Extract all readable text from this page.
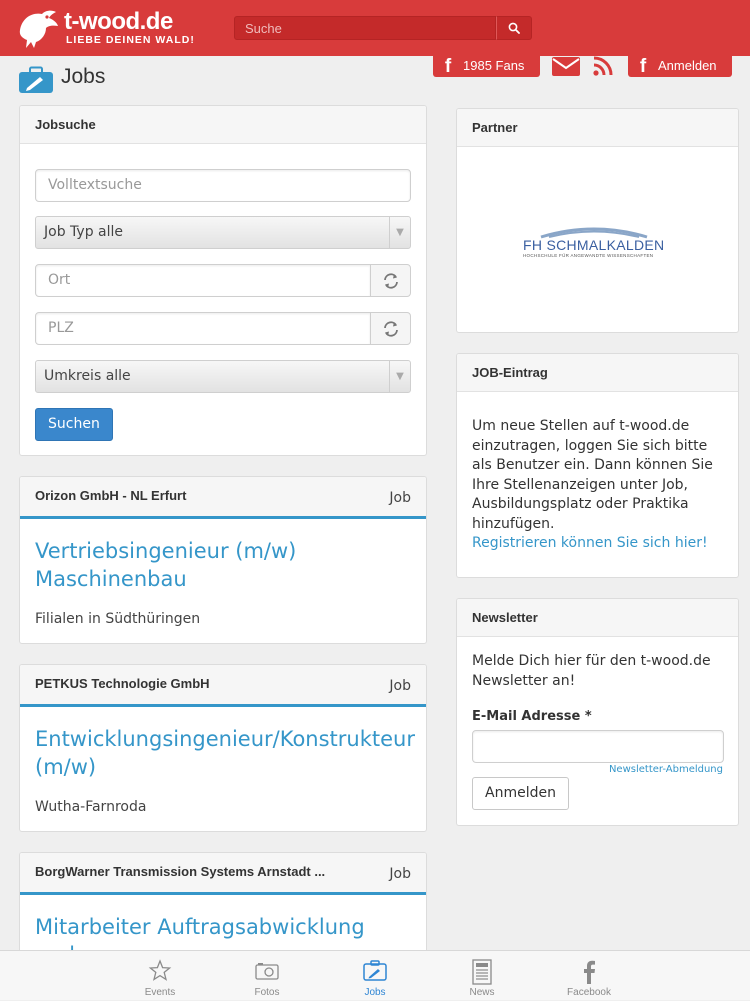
t-wood.de
LIEBE DEINEN WALD!
Suche
Jobs	f 1985 Fans	f Anmelden
Jobsuche
Volltextsuche
Job Typ alle	▼
Ort
PLZ
Umkreis alle	▼
Suchen
Orizon GmbH - NL Erfurt	Job
Vertriebsingenieur (m/w) Maschinenbau
Filialen in Südthüringen
PETKUS Technologie GmbH	Job
Entwicklungsingenieur/Konstrukteur (m/w)
Wutha-Farnroda
BorgWarner Transmission Systems Arnstadt ...	Job
Mitarbeiter Auftragsabwicklung
Partner
FH SCHMALKALDEN
HOCHSCHULE FÜR ANGEWANDTE WISSENSCHAFTEN
JOB-Eintrag
Um neue Stellen auf t-wood.de einzutragen, loggen Sie sich bitte als Benutzer ein. Dann können Sie Ihre Stellenanzeigen unter Job, Ausbildungsplatz oder Praktika hinzufügen.
Registrieren können Sie sich hier!
Newsletter
Melde Dich hier für den t-wood.de Newsletter an!
E-Mail Adresse *
Newsletter-Abmeldung
Anmelden
Events	Fotos	Jobs	News	Facebook
